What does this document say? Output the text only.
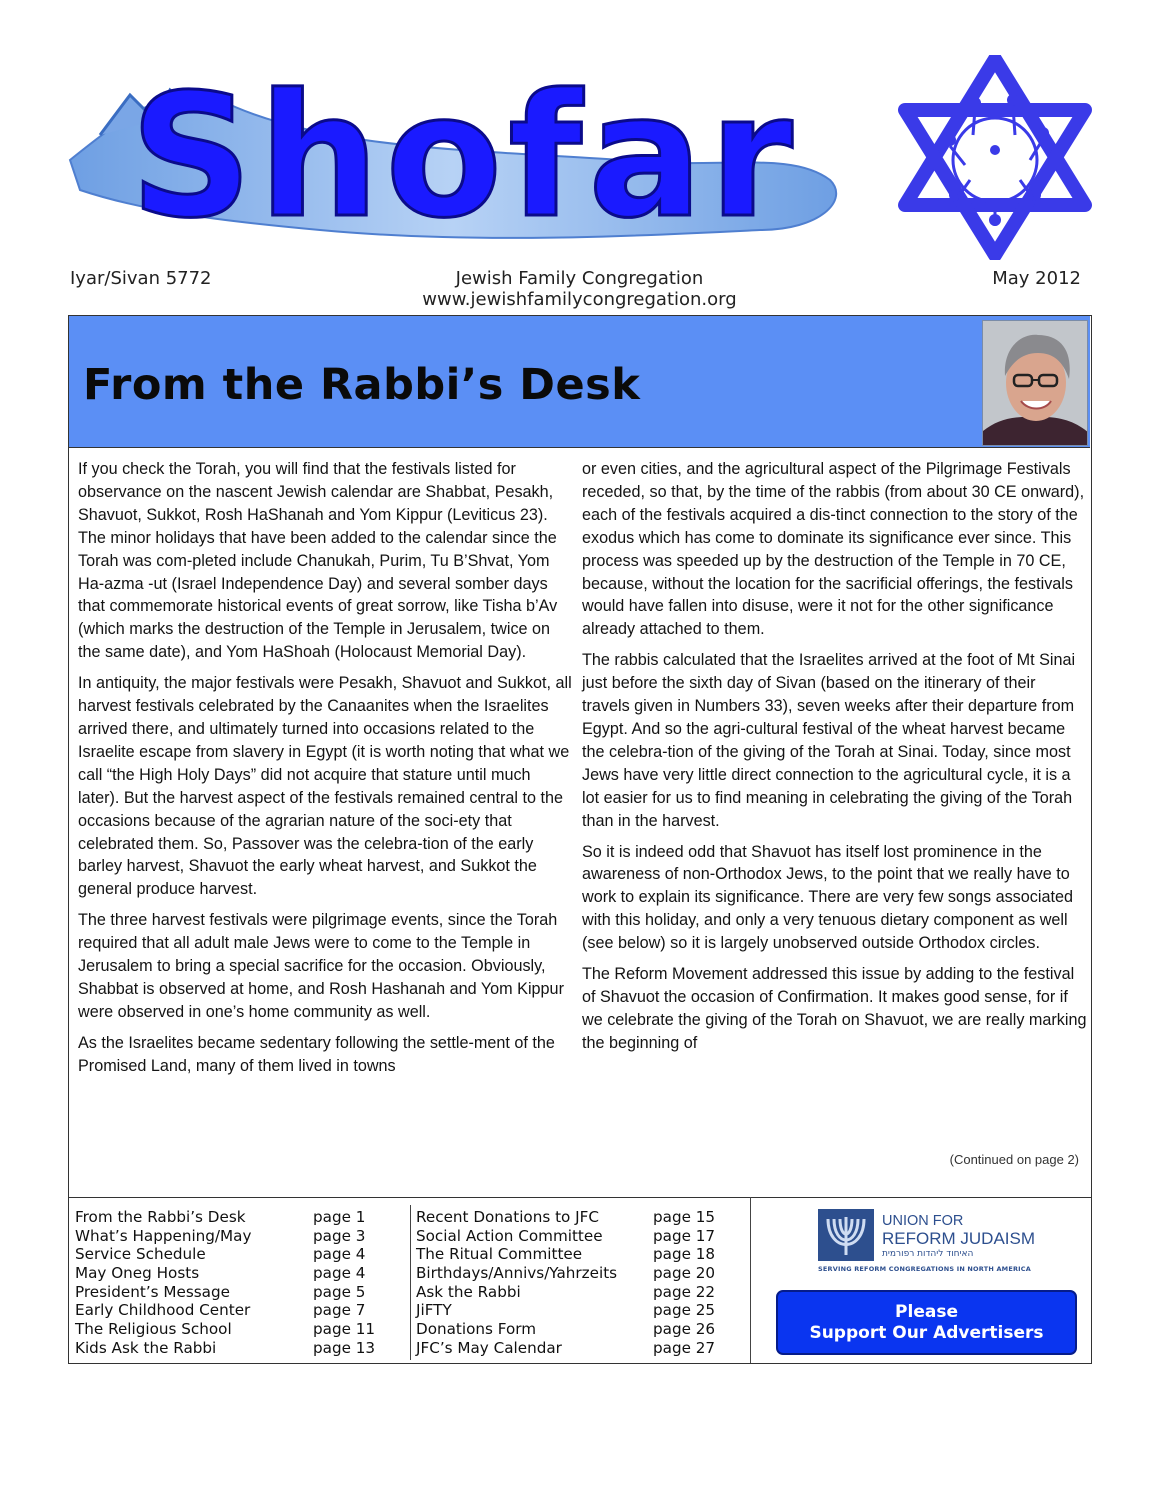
Shofar
Iyar/Sivan 5772	Jewish Family Congregation
www.jewishfamilycongregation.org
May 2012
From the Rabbi’s Desk

If you check the Torah, you will find that the festivals listed for observance on the nascent Jewish calendar are Shabbat, Pesakh, Shavuot, Sukkot, Rosh HaShanah and Yom Kippur (Leviticus 23). The minor holidays that have been added to the calendar since the Torah was com-pleted include Chanukah, Purim, Tu B’Shvat, Yom Ha-azma -ut (Israel Independence Day) and several somber days that commemorate historical events of great sorrow, like Tisha b’Av (which marks the destruction of the Temple in Jerusalem, twice on the same date), and Yom HaShoah (Holocaust Memorial Day).

In antiquity, the major festivals were Pesakh, Shavuot and Sukkot, all harvest festivals celebrated by the Canaanites when the Israelites arrived there, and ultimately turned into occasions related to the Israelite escape from slavery in Egypt (it is worth noting that what we call “the High Holy Days” did not acquire that stature until much later). But the harvest aspect of the festivals remained central to the occasions because of the agrarian nature of the soci-ety that celebrated them. So, Passover was the celebra-tion of the early barley harvest, Shavuot the early wheat harvest, and Sukkot the general produce harvest.

The three harvest festivals were pilgrimage events, since the Torah required that all adult male Jews were to come to the Temple in Jerusalem to bring a special sacrifice for the occasion. Obviously, Shabbat is observed at home, and Rosh Hashanah and Yom Kippur were observed in one’s home community as well.

As the Israelites became sedentary following the settle-ment of the Promised Land, many of them lived in towns

or even cities, and the agricultural aspect of the Pilgrimage Festivals receded, so that, by the time of the rabbis (from about 30 CE onward), each of the festivals acquired a dis-tinct connection to the story of the exodus which has come to dominate its significance ever since. This process was speeded up by the destruction of the Temple in 70 CE, because, without the location for the sacrificial offerings, the festivals would have fallen into disuse, were it not for the other significance already attached to them.

The rabbis calculated that the Israelites arrived at the foot of Mt Sinai just before the sixth day of Sivan (based on the itinerary of their travels given in Numbers 33), seven weeks after their departure from Egypt. And so the agri-cultural festival of the wheat harvest became the celebra-tion of the giving of the Torah at Sinai. Today, since most Jews have very little direct connection to the agricultural cycle, it is a lot easier for us to find meaning in celebrating the giving of the Torah than in the harvest.

So it is indeed odd that Shavuot has itself lost prominence in the awareness of non-Orthodox Jews, to the point that we really have to work to explain its significance. There are very few songs associated with this holiday, and only a very tenuous dietary component as well (see below) so it is largely unobserved outside Orthodox circles.

The Reform Movement addressed this issue by adding to the festival of Shavuot the occasion of Confirmation. It makes good sense, for if we celebrate the giving of the Torah on Shavuot, we are really marking the beginning of

(Continued on page 2)
From the Rabbi’s Desk	page 1
What’s Happening/May	page 3
Service Schedule	page 4
May Oneg Hosts	page 4
President’s Message	page 5
Early Childhood Center	page 7
The Religious School	page 11
Kids Ask the Rabbi	page 13
Recent Donations to JFC	page 15
Social Action Committee	page 17
The Ritual Committee	page 18
Birthdays/Annivs/Yahrzeits page 20
Ask the Rabbi	page 22
JiFTY	page 25
Donations Form	page 26
JFC’s May Calendar	page 27
UNION FOR
REFORM JUDAISM
האיחוד ליהדות רפורמית
SERVING REFORM CONGREGATIONS IN NORTH AMERICA
Please
Support Our Advertisers
